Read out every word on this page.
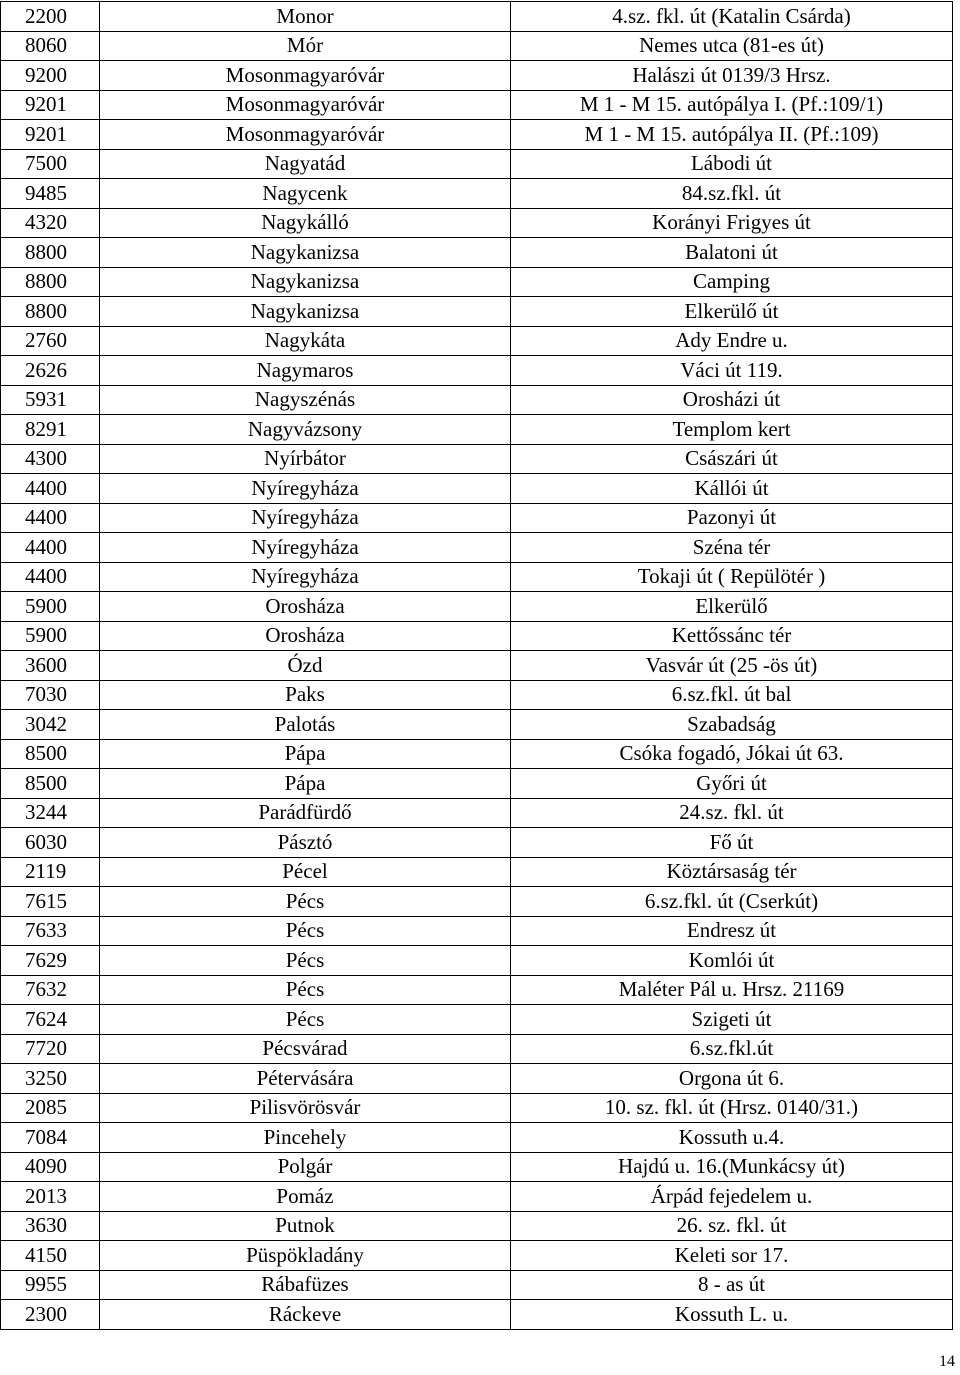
2200	Monor	4.sz. fkl. út (Katalin Csárda)
8060	Mór	Nemes utca (81-es út)
9200	Mosonmagyaróvár	Halászi út 0139/3 Hrsz.
9201	Mosonmagyaróvár	M 1 - M 15. autópálya I. (Pf.:109/1)
9201	Mosonmagyaróvár	M 1 - M 15. autópálya II. (Pf.:109)
7500	Nagyatád	Lábodi út
9485	Nagycenk	84.sz.fkl. út
4320	Nagykálló	Korányi Frigyes út
8800	Nagykanizsa	Balatoni út
8800	Nagykanizsa	Camping
8800	Nagykanizsa	Elkerülő út
2760	Nagykáta	Ady Endre u.
2626	Nagymaros	Váci út 119.
5931	Nagyszénás	Orosházi út
8291	Nagyvázsony	Templom kert
4300	Nyírbátor	Császári út
4400	Nyíregyháza	Kállói út
4400	Nyíregyháza	Pazonyi út
4400	Nyíregyháza	Széna tér
4400	Nyíregyháza	Tokaji út ( Repülötér )
5900	Orosháza	Elkerülő
5900	Orosháza	Kettőssánc tér
3600	Ózd	Vasvár út (25 -ös út)
7030	Paks	6.sz.fkl. út bal
3042	Palotás	Szabadság
8500	Pápa	Csóka fogadó, Jókai út 63.
8500	Pápa	Győri út
3244	Parádfürdő	24.sz. fkl. út
6030	Pásztó	Fő út
2119	Pécel	Köztársaság tér
7615	Pécs	6.sz.fkl. út (Cserkút)
7633	Pécs	Endresz út
7629	Pécs	Komlói út
7632	Pécs	Maléter Pál u. Hrsz. 21169
7624	Pécs	Szigeti út
7720	Pécsvárad	6.sz.fkl.út
3250	Pétervására	Orgona út 6.
2085	Pilisvörösvár	10. sz. fkl. út (Hrsz. 0140/31.)
7084	Pincehely	Kossuth u.4.
4090	Polgár	Hajdú u. 16.(Munkácsy út)
2013	Pomáz	Árpád fejedelem u.
3630	Putnok	26. sz. fkl. út
4150	Püspökladány	Keleti sor 17.
9955	Rábafüzes	8 - as út
2300	Ráckeve	Kossuth L. u.
14
